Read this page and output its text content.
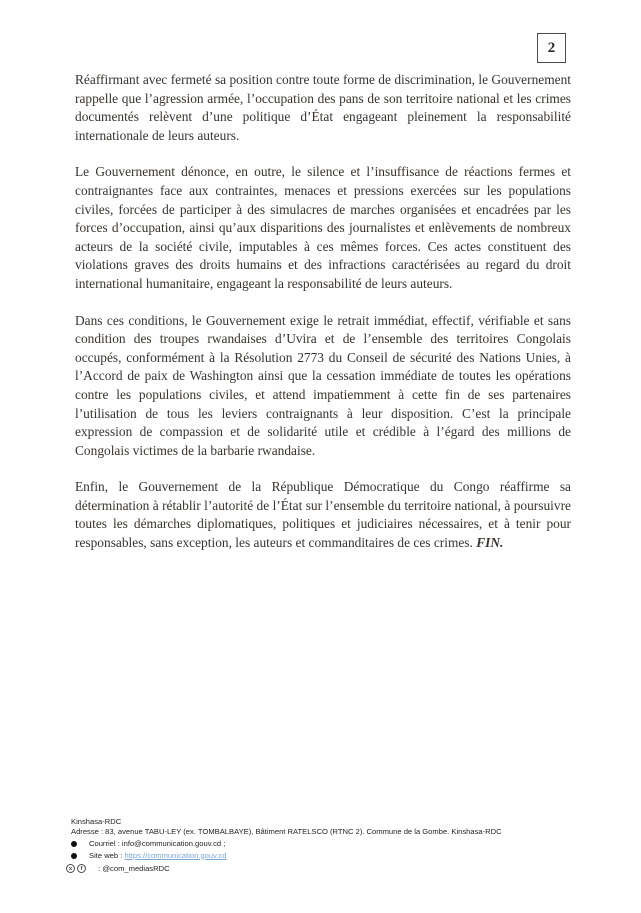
2

Réaffirmant avec fermeté sa position contre toute forme de discrimination, le Gouvernement rappelle que l’agression armée, l’occupation des pans de son territoire national et les crimes documentés relèvent d’une politique d’État engageant pleinement la responsabilité internationale de leurs auteurs.

Le Gouvernement dénonce, en outre, le silence et l’insuffisance de réactions fermes et contraignantes face aux contraintes, menaces et pressions exercées sur les populations civiles, forcées de participer à des simulacres de marches organisées et encadrées par les forces d’occupation, ainsi qu’aux disparitions des journalistes et enlèvements de nombreux acteurs de la société civile, imputables à ces mêmes forces. Ces actes constituent des violations graves des droits humains et des infractions caractérisées au regard du droit international humanitaire, engageant la responsabilité de leurs auteurs.

Dans ces conditions, le Gouvernement exige le retrait immédiat, effectif, vérifiable et sans condition des troupes rwandaises d’Uvira et de l’ensemble des territoires Congolais occupés, conformément à la Résolution 2773 du Conseil de sécurité des Nations Unies, à l’Accord de paix de Washington ainsi que la cessation immédiate de toutes les opérations contre les populations civiles, et attend impatiemment à cette fin de ses partenaires l’utilisation de tous les leviers contraignants à leur disposition. C’est la principale expression de compassion et de solidarité utile et crédible à l’égard des millions de Congolais victimes de la barbarie rwandaise.

Enfin, le Gouvernement de la République Démocratique du Congo réaffirme sa détermination à rétablir l’autorité de l’État sur l’ensemble du territoire national, à poursuivre toutes les démarches diplomatiques, politiques et judiciaires nécessaires, et à tenir pour responsables, sans exception, les auteurs et commanditaires de ces crimes. FIN.

Kinshasa-RDC
Adresse : 83, avenue TABU-LEY (ex. TOMBALBAYE), Bâtiment RATELSCO (RTNC 2). Commune de la Gombe. Kinshasa-RDC
Courriel : info@communication.gouv.cd ;
Site web : https://communication.gouv.cd
x	f	: @com_mediasRDC
